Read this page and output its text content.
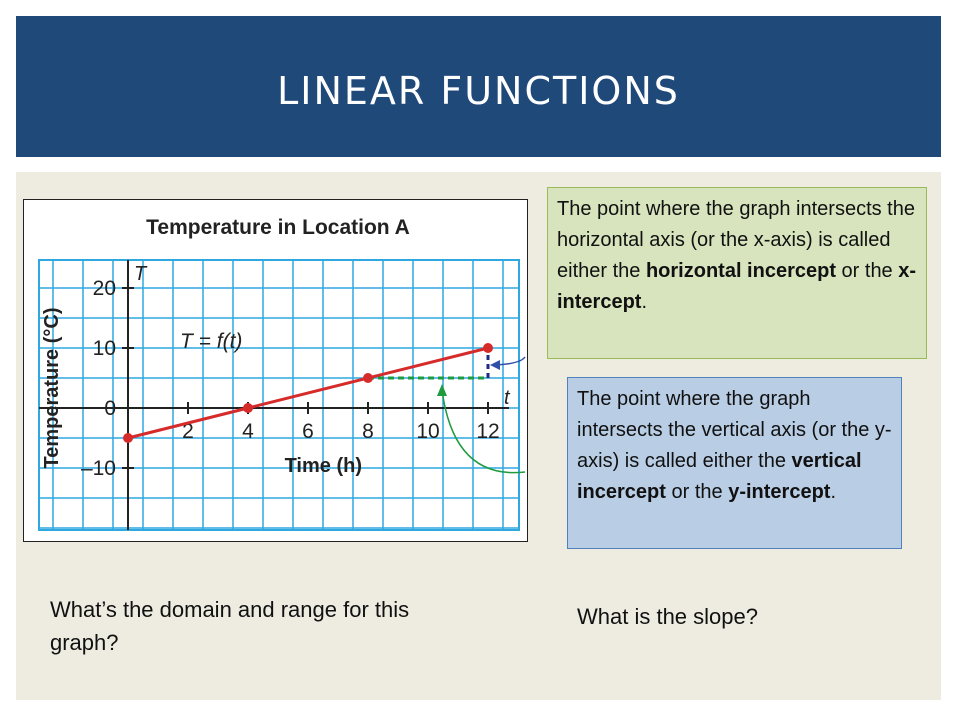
LINEAR FUNCTIONS
2 4 6 8 10 12
–10
0
10
20
Temperature in Location A
Time (h)
Temperature (°C)	t
T
T = f(t)
The point where the graph intersects the horizontal axis (or the x-axis) is called either the horizontal incercept or the x-intercept.
The point where the graph intersects the vertical axis (or the y-axis) is called either the vertical incercept or the y-intercept.
What’s the domain and range for this graph?
What is the slope?
